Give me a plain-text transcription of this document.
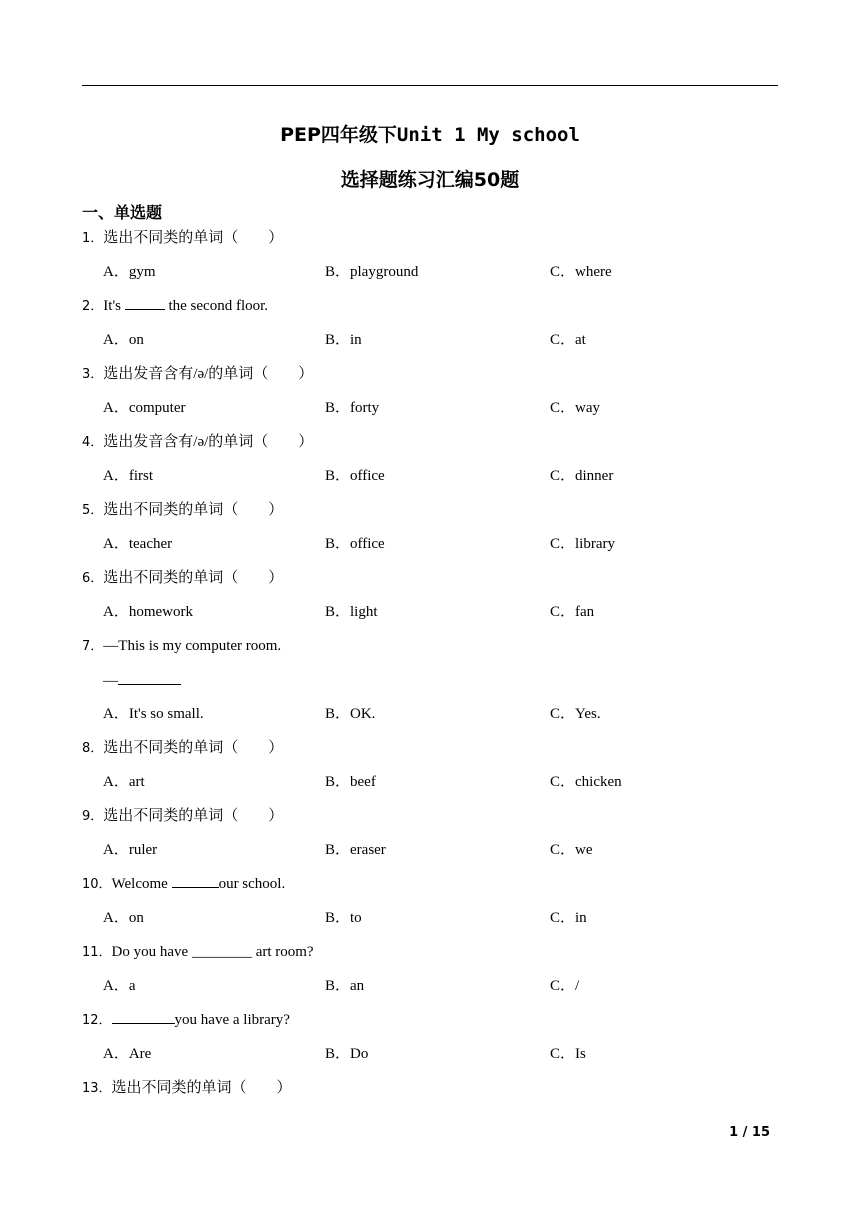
PEP四年级下Unit 1 My school
选择题练习汇编50题
一、单选题
1．选出不同类的单词（　　）
A．gym	B．playground	C．where
2．It's	the second floor.
A．on	B．in	C．at
3．选出发音含有/ə/的单词（　　）
A．computer	B．forty	C．way
4．选出发音含有/ə/的单词（　　）
A．first	B．office	C．dinner
5．选出不同类的单词（　　）
A．teacher	B．office	C．library
6．选出不同类的单词（　　）
A．homework	B．light	C．fan
7．—This is my computer room.
—
A．It's so small.	B．OK.	C．Yes.
8．选出不同类的单词（　　）
A．art	B．beef	C．chicken
9．选出不同类的单词（　　）
A．ruler	B．eraser	C．we
10．Welcome	our school.
A．on	B．to	C．in
11．Do you have ________ art room?
A．a	B．an	C．/
12．	you have a library?
A．Are	B．Do	C．Is
13．选出不同类的单词（　　）
1 / 15
